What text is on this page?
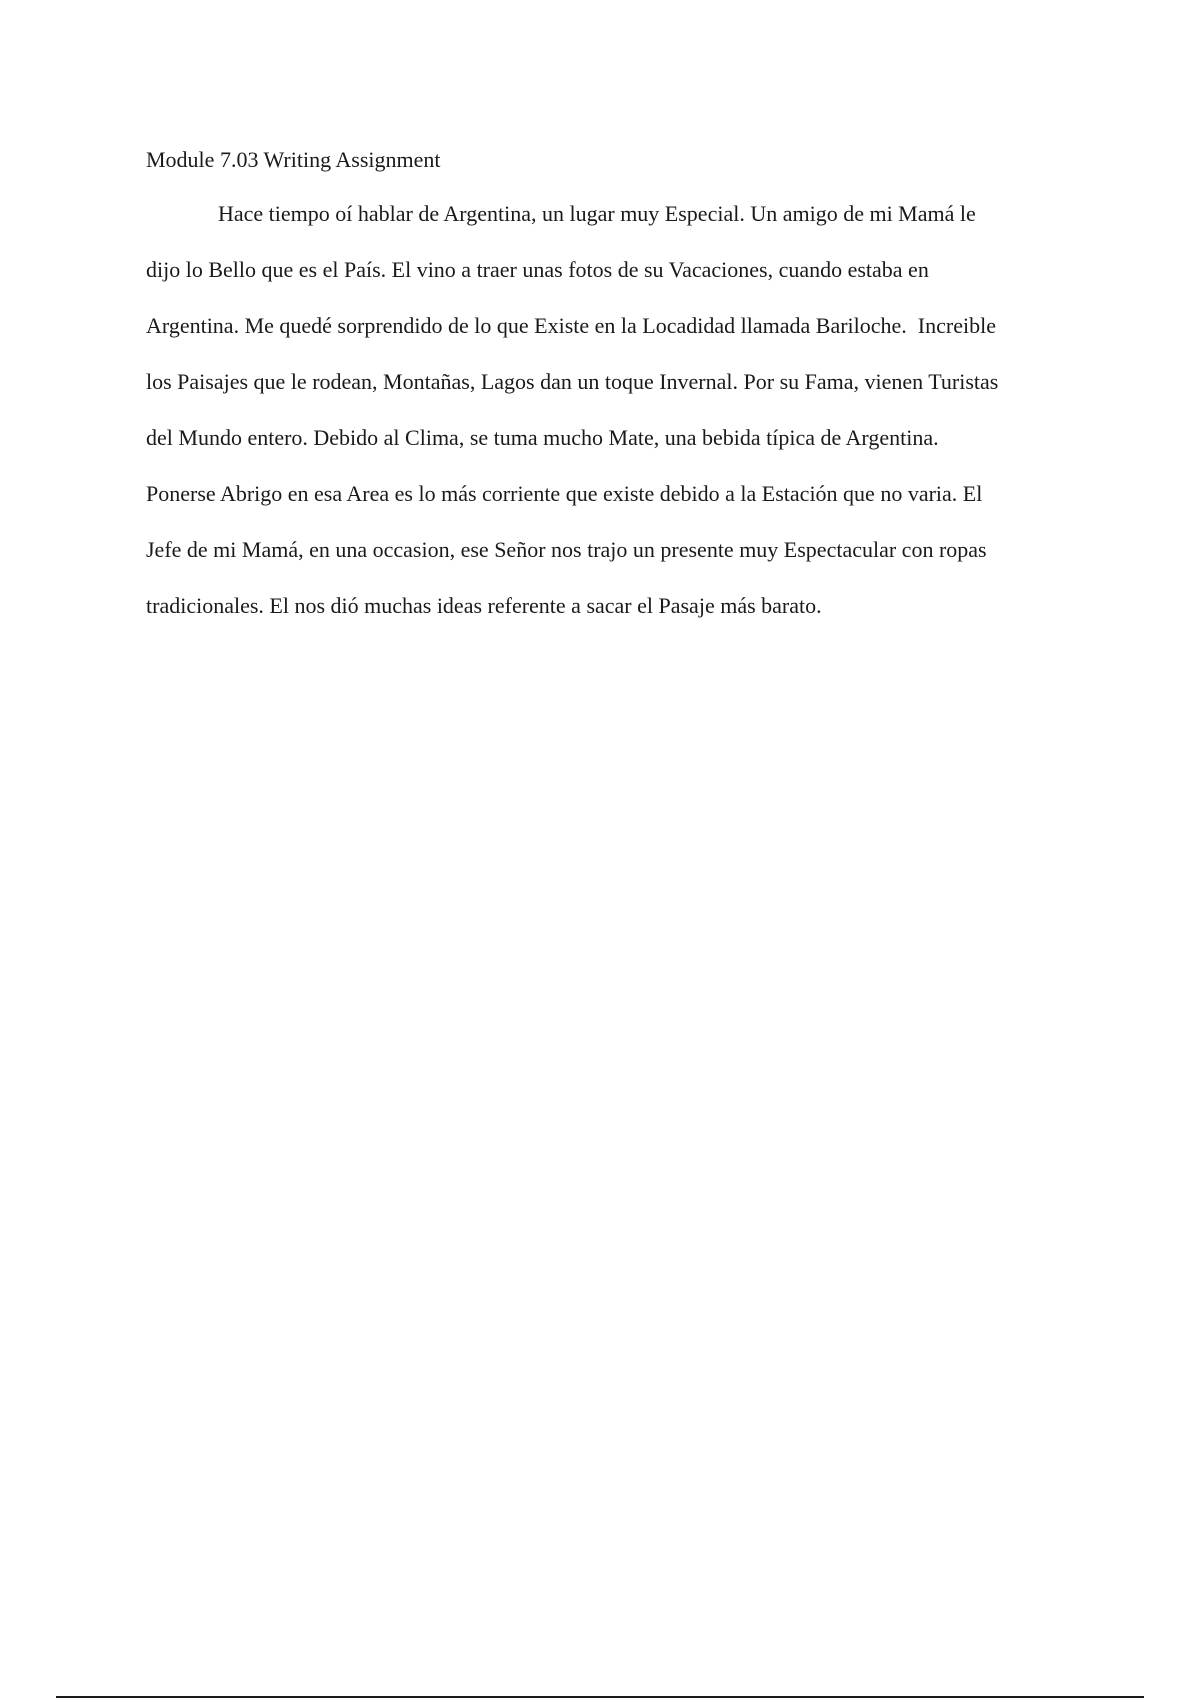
Module 7.03 Writing Assignment

Hace tiempo oí hablar de Argentina, un lugar muy Especial. Un amigo de mi Mamá le
dijo lo Bello que es el País. El vino a traer unas fotos de su Vacaciones, cuando estaba en
Argentina. Me quedé sorprendido de lo que Existe en la Locadidad llamada Bariloche.  Increible
los Paisajes que le rodean, Montañas, Lagos dan un toque Invernal. Por su Fama, vienen Turistas
del Mundo entero. Debido al Clima, se tuma mucho Mate, una bebida típica de Argentina.
Ponerse Abrigo en esa Area es lo más corriente que existe debido a la Estación que no varia. El
Jefe de mi Mamá, en una occasion, ese Señor nos trajo un presente muy Espectacular con ropas
tradicionales. El nos dió muchas ideas referente a sacar el Pasaje más barato.
